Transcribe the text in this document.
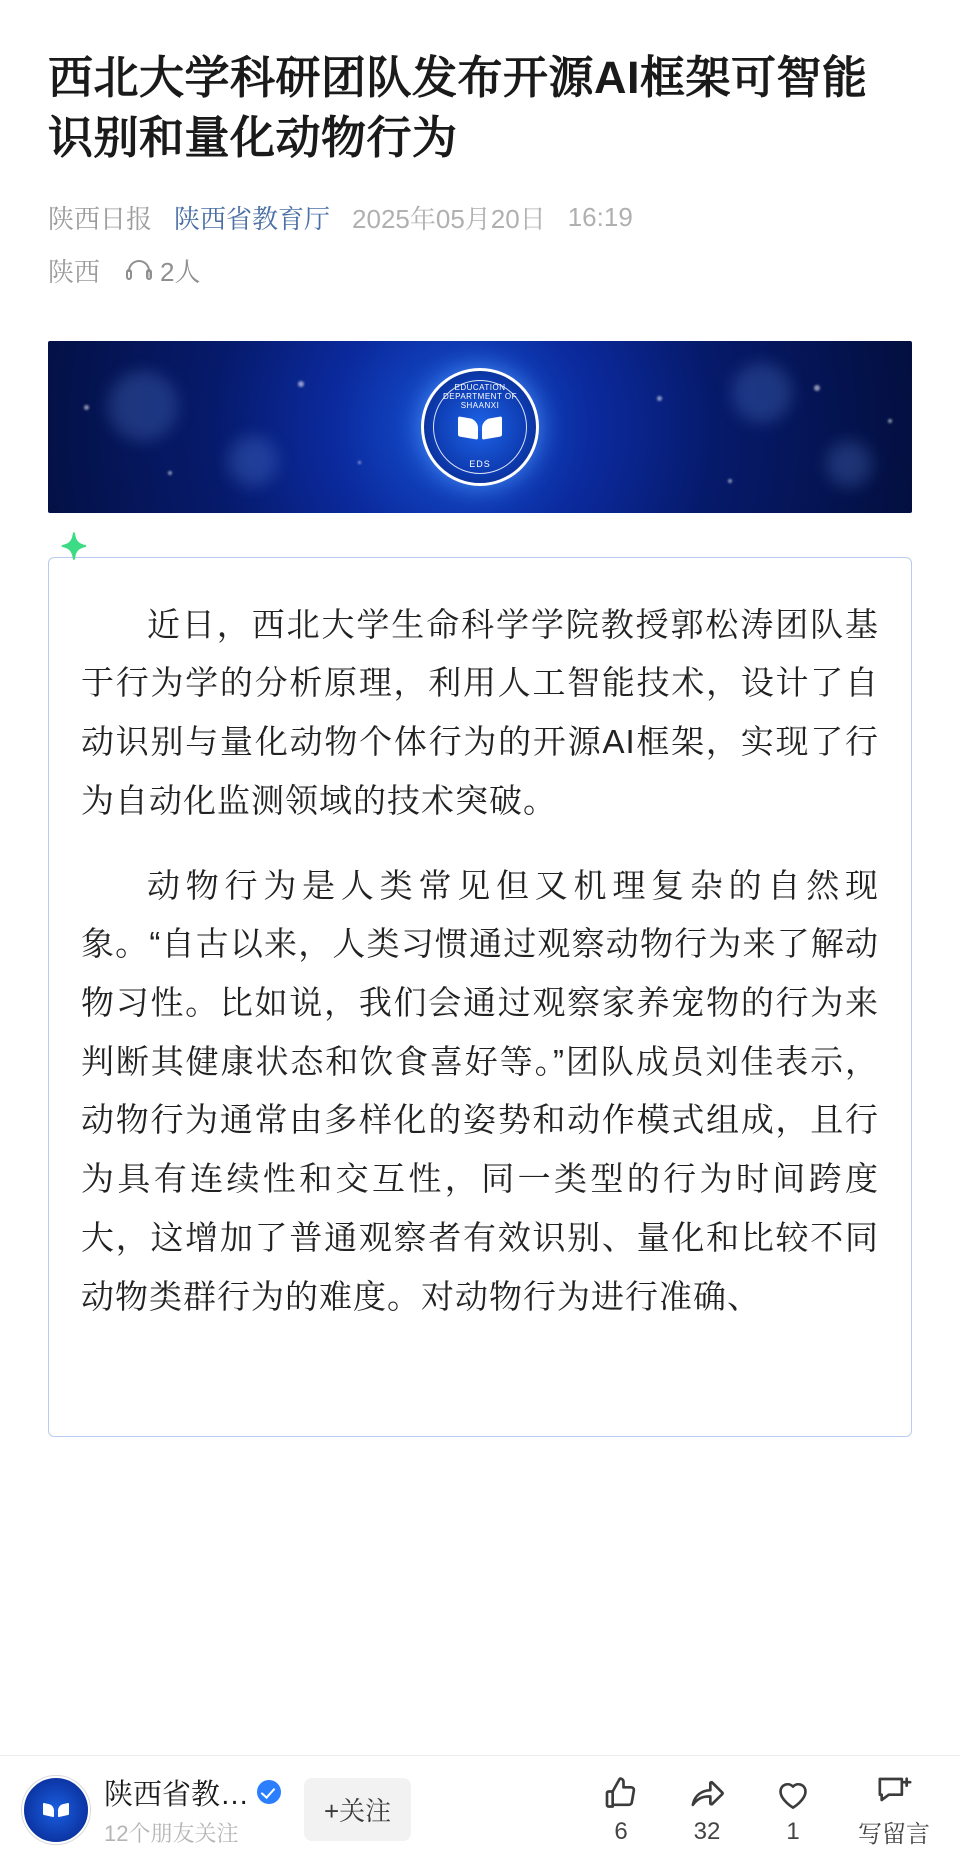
西北大学科研团队发布开源AI框架可智能识别和量化动物行为
陕西日报 陕西省教育厅 2025年05月20日 16:19
陕西 2人
EDUCATION DEPARTMENT OF SHAANXI
EDS

近日，西北大学生命科学学院教授郭松涛团队基于行为学的分析原理，利用人工智能技术，设计了自动识别与量化动物个体行为的开源AI框架，实现了行为自动化监测领域的技术突破。

动物行为是人类常见但又机理复杂的自然现象。“自古以来，人类习惯通过观察动物行为来了解动物习性。比如说，我们会通过观察家养宠物的行为来判断其健康状态和饮食喜好等。”团队成员刘佳表示，动物行为通常由多样化的姿势和动作模式组成，且行为具有连续性和交互性，同一类型的行为时间跨度大，这增加了普通观察者有效识别、量化和比较不同动物类群行为的难度。对动物行为进行准确、

陕西省教…
12个朋友关注
+关注
6	32	1 写留言
